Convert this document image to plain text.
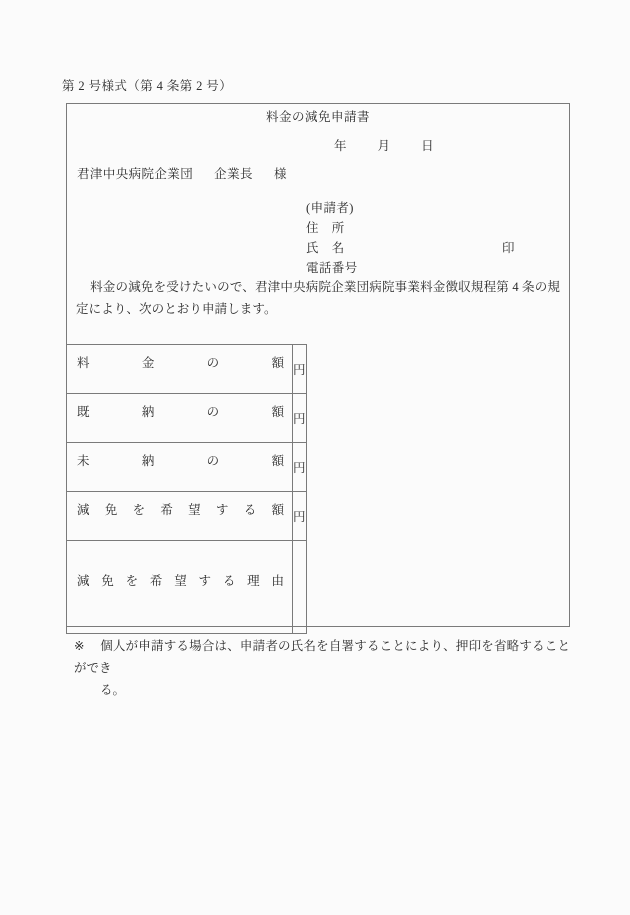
第 2 号様式（第 4 条第 2 号）
料金の減免申請書
年 月 日
君津中央病院企業団 企業長 様
(申請者)
住　所
氏　名	印
電話番号
料金の減免を受けたいので、君津中央病院企業団病院事業料金徴収規程第 4 条の規定により、次のとおり申請します。
料金の額	円

既納の額	円

未納の額	円

減免を希望する額	円

減免を希望する理由	

※ 個人が申請する場合は、申請者の氏名を自署することにより、押印を省略することができ
る。
